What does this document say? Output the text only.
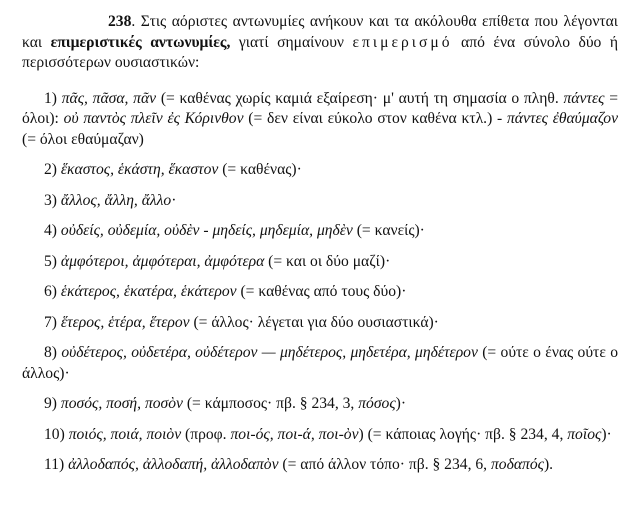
238. Στις αόριστες αντωνυμίες ανήκουν και τα ακόλουθα επίθετα που λέγονται και επιμεριστικές αντωνυμίες, γιατί σημαίνουν επιμερισμό από ένα σύνολο δύο ή περισσότερων ουσιαστικών:

1) πᾶς, πᾶσα, πᾶν (= καθένας χωρίς καμιά εξαίρεση· μ' αυτή τη σημασία ο πληθ. πάντες = όλοι): οὐ παντὸς πλεῖν ἐς Κόρινθον (= δεν είναι εύκολο στον καθένα κτλ.) - πάντες ἐθαύμαζον (= όλοι εθαύμαζαν)

2) ἕκαστος, ἑκάστη, ἕκαστον (= καθένας)·

3) ἄλλος, ἄλλη, ἄλλο·

4) οὐδείς, οὐδεμία, οὐδὲν - μηδείς, μηδεμία, μηδὲν (= κανείς)·

5) ἀμφότεροι, ἀμφότεραι, ἀμφότερα (= και οι δύο μαζί)·

6) ἑκάτερος, ἑκατέρα, ἑκάτερον (= καθένας από τους δύο)·

7) ἕτερος, ἑτέρα, ἕτερον (= άλλος· λέγεται για δύο ουσιαστικά)·

8) οὐδέτερος, οὐδετέρα, οὐδέτερον — μηδέτερος, μηδετέρα, μηδέτερον (= ούτε ο ένας ούτε ο άλλος)·

9) ποσός, ποσή, ποσὸν (= κάμποσος· πβ. § 234, 3, πόσος)·

10) ποιός, ποιά, ποιὸν (προφ. ποι-ός, ποι-ά, ποι-ὸν) (= κάποιας λογής· πβ. § 234, 4, ποῖος)·

11) ἀλλοδαπός, ἀλλοδαπή, ἀλλοδαπὸν (= από άλλον τόπο· πβ. § 234, 6, ποδαπός).
